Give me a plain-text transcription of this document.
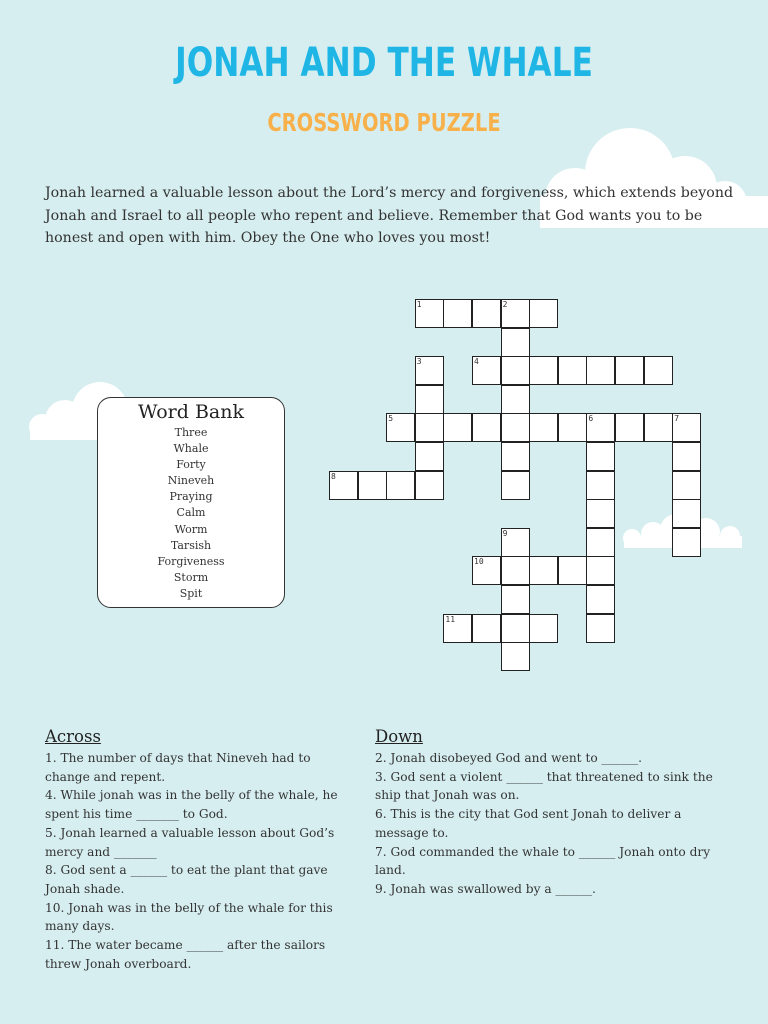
JONAH AND THE WHALE
CROSSWORD PUZZLE
Jonah learned a valuable lesson about the Lord’s mercy and forgiveness, which extends beyond Jonah and Israel to all people who repent and believe. Remember that God wants you to be honest and open with him. Obey the One who loves you most!
Word Bank
Three
Whale
Forty
Nineveh
Praying
Calm
Worm
Tarsish
Forgiveness
Storm
Spit
1	2
3	4
5	6	7
8
9
10
11
Across
1. The number of days that Nineveh had to change and repent.
4. While jonah was in the belly of the whale, he spent his time _______ to God.
5. Jonah learned a valuable lesson about God’s mercy and _______
8. God sent a ______ to eat the plant that gave Jonah shade.
10. Jonah was in the belly of the whale for this many days.
11. The water became ______ after the sailors threw Jonah overboard.
Down
2. Jonah disobeyed God and went to ______.
3. God sent a violent ______ that threatened to sink the ship that Jonah was on.
6. This is the city that God sent Jonah to deliver a message to.
7. God commanded the whale to ______ Jonah onto dry land.
9. Jonah was swallowed by a ______.
